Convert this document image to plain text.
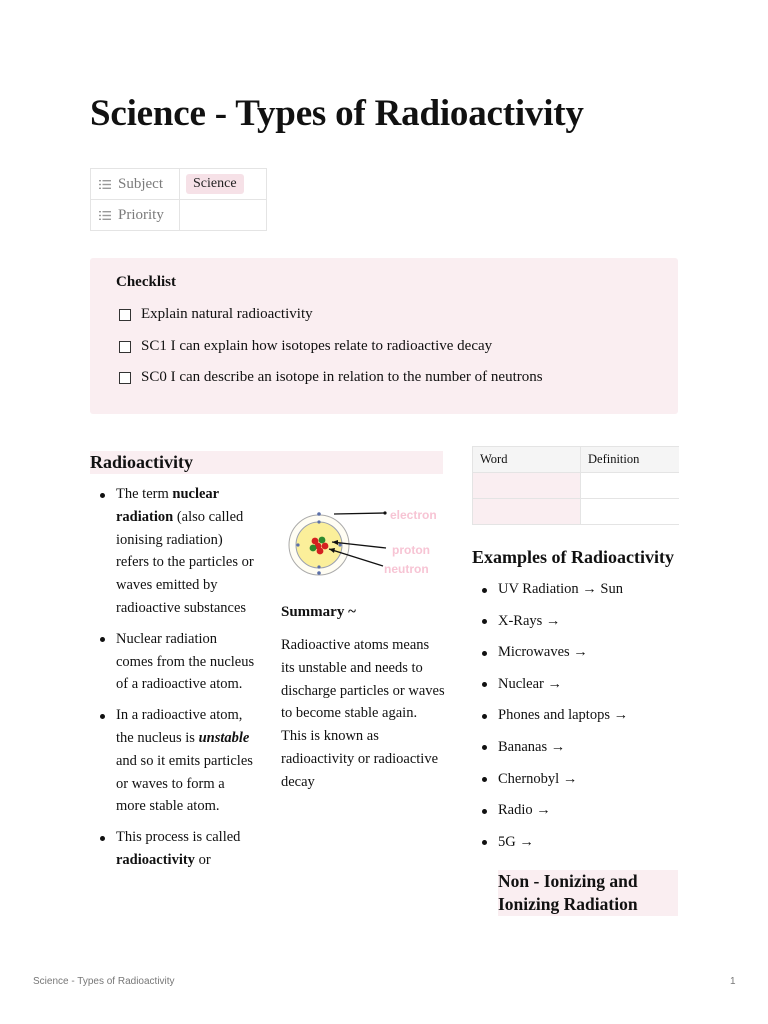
Science - Types of Radioactivity
Subject	Science
Priority	
Checklist
Explain natural radioactivity
SC1 I can explain how isotopes relate to radioactive decay
SC0 I can describe an isotope in relation to the number of neutrons
Radioactivity
The term nuclear radiation (also called ionising radiation) refers to the particles or waves emitted by radioactive substances
Nuclear radiation comes from the nucleus of a radioactive atom.
In a radioactive atom, the nucleus is unstable and so it emits particles or waves to form a more stable atom.
This process is called radioactivity or
electron
proton
neutron
Summary ~
Radioactive atoms means its unstable and needs to discharge particles or waves to become stable again. This is known as radioactivity or radioactive decay
Word	Definition

Examples of Radioactivity
UV Radiation → Sun
X-Rays →
Microwaves →
Nuclear →
Phones and laptops →
Bananas →
Chernobyl →
Radio →
5G →
Non - Ionizing and Ionizing Radiation
Science - Types of Radioactivity	1
